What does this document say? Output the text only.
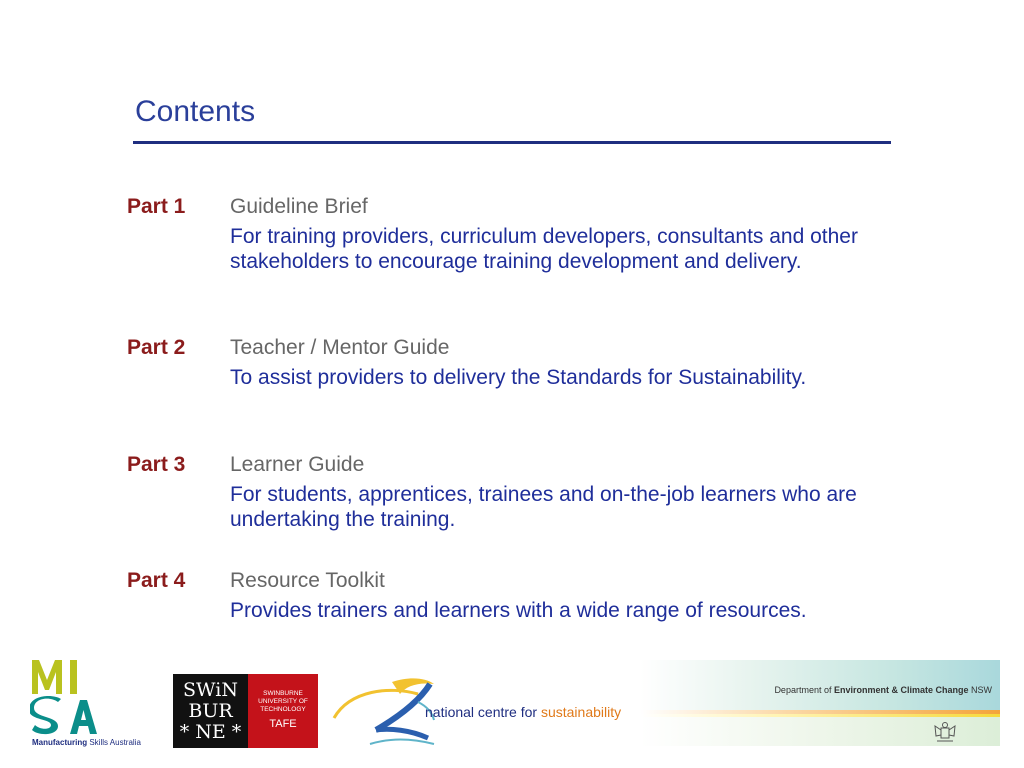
Contents
Part 1 Guideline Brief
For training providers, curriculum developers, consultants and other stakeholders to encourage training development and delivery.
Part 2 Teacher / Mentor Guide
To assist providers to delivery the Standards for Sustainability.
Part 3 Learner Guide
For students, apprentices, trainees and on-the-job learners who are undertaking the training.
Part 4 Resource Toolkit
Provides trainers and learners with a wide range of resources.
Manufacturing Skills Australia
SWiN
BUR
* NE *
SWINBURNE
UNIVERSITY OF
TECHNOLOGY
TAFE
national centre for sustainability
Department of Environment & Climate Change NSW
